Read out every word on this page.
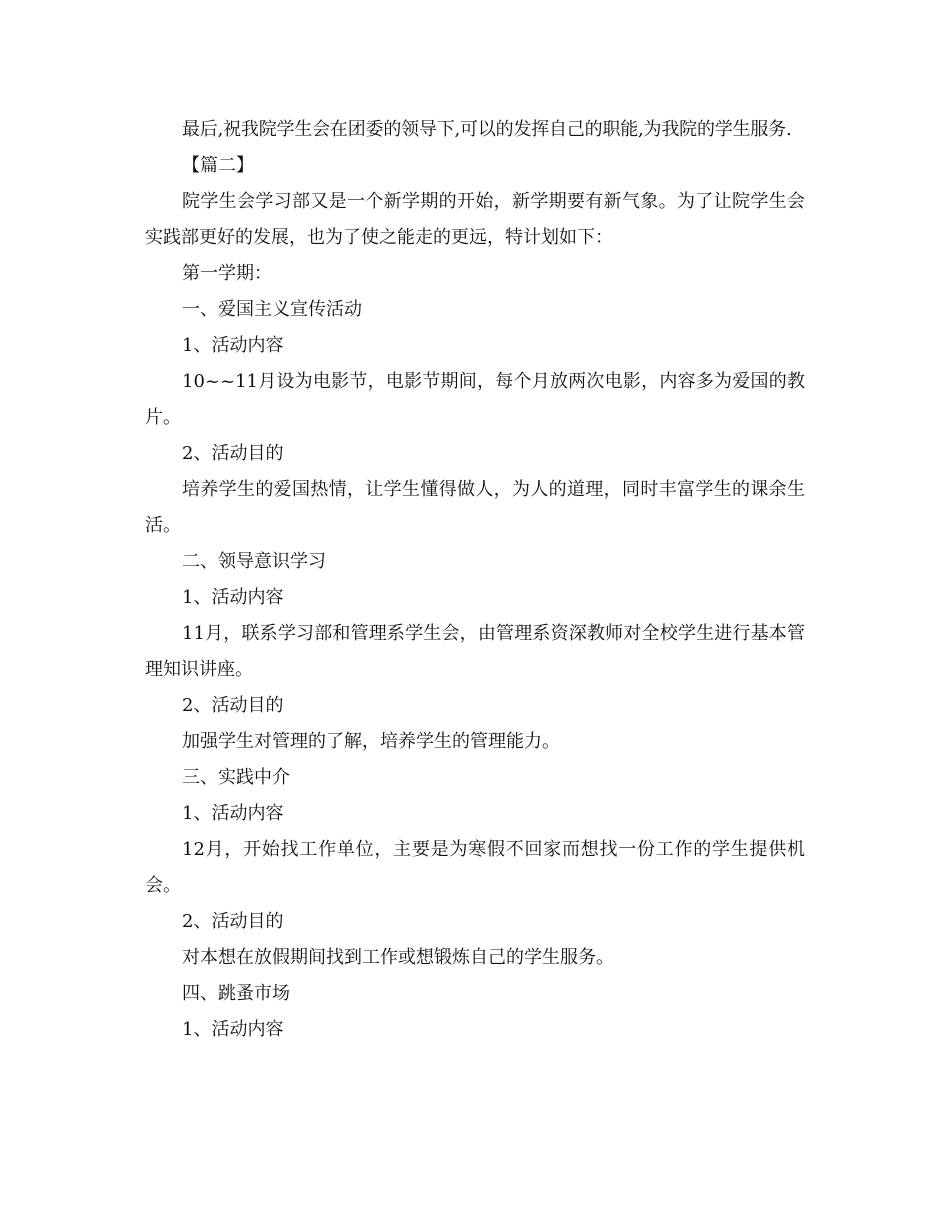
最后,祝我院学生会在团委的领导下,可以的发挥自己的职能,为我院的学生服务.

【篇二】

院学生会学习部又是一个新学期的开始，新学期要有新气象。为了让院学生会实践部更好的发展，也为了使之能走的更远，特计划如下：

第一学期：

一、爱国主义宣传活动

1、活动内容

10~~11月设为电影节，电影节期间，每个月放两次电影，内容多为爱国的教片。

2、活动目的

培养学生的爱国热情，让学生懂得做人，为人的道理，同时丰富学生的课余生活。

二、领导意识学习

1、活动内容

11月，联系学习部和管理系学生会，由管理系资深教师对全校学生进行基本管理知识讲座。

2、活动目的

加强学生对管理的了解，培养学生的管理能力。

三、实践中介

1、活动内容

12月，开始找工作单位，主要是为寒假不回家而想找一份工作的学生提供机会。

2、活动目的

对本想在放假期间找到工作或想锻炼自己的学生服务。

四、跳蚤市场

1、活动内容
